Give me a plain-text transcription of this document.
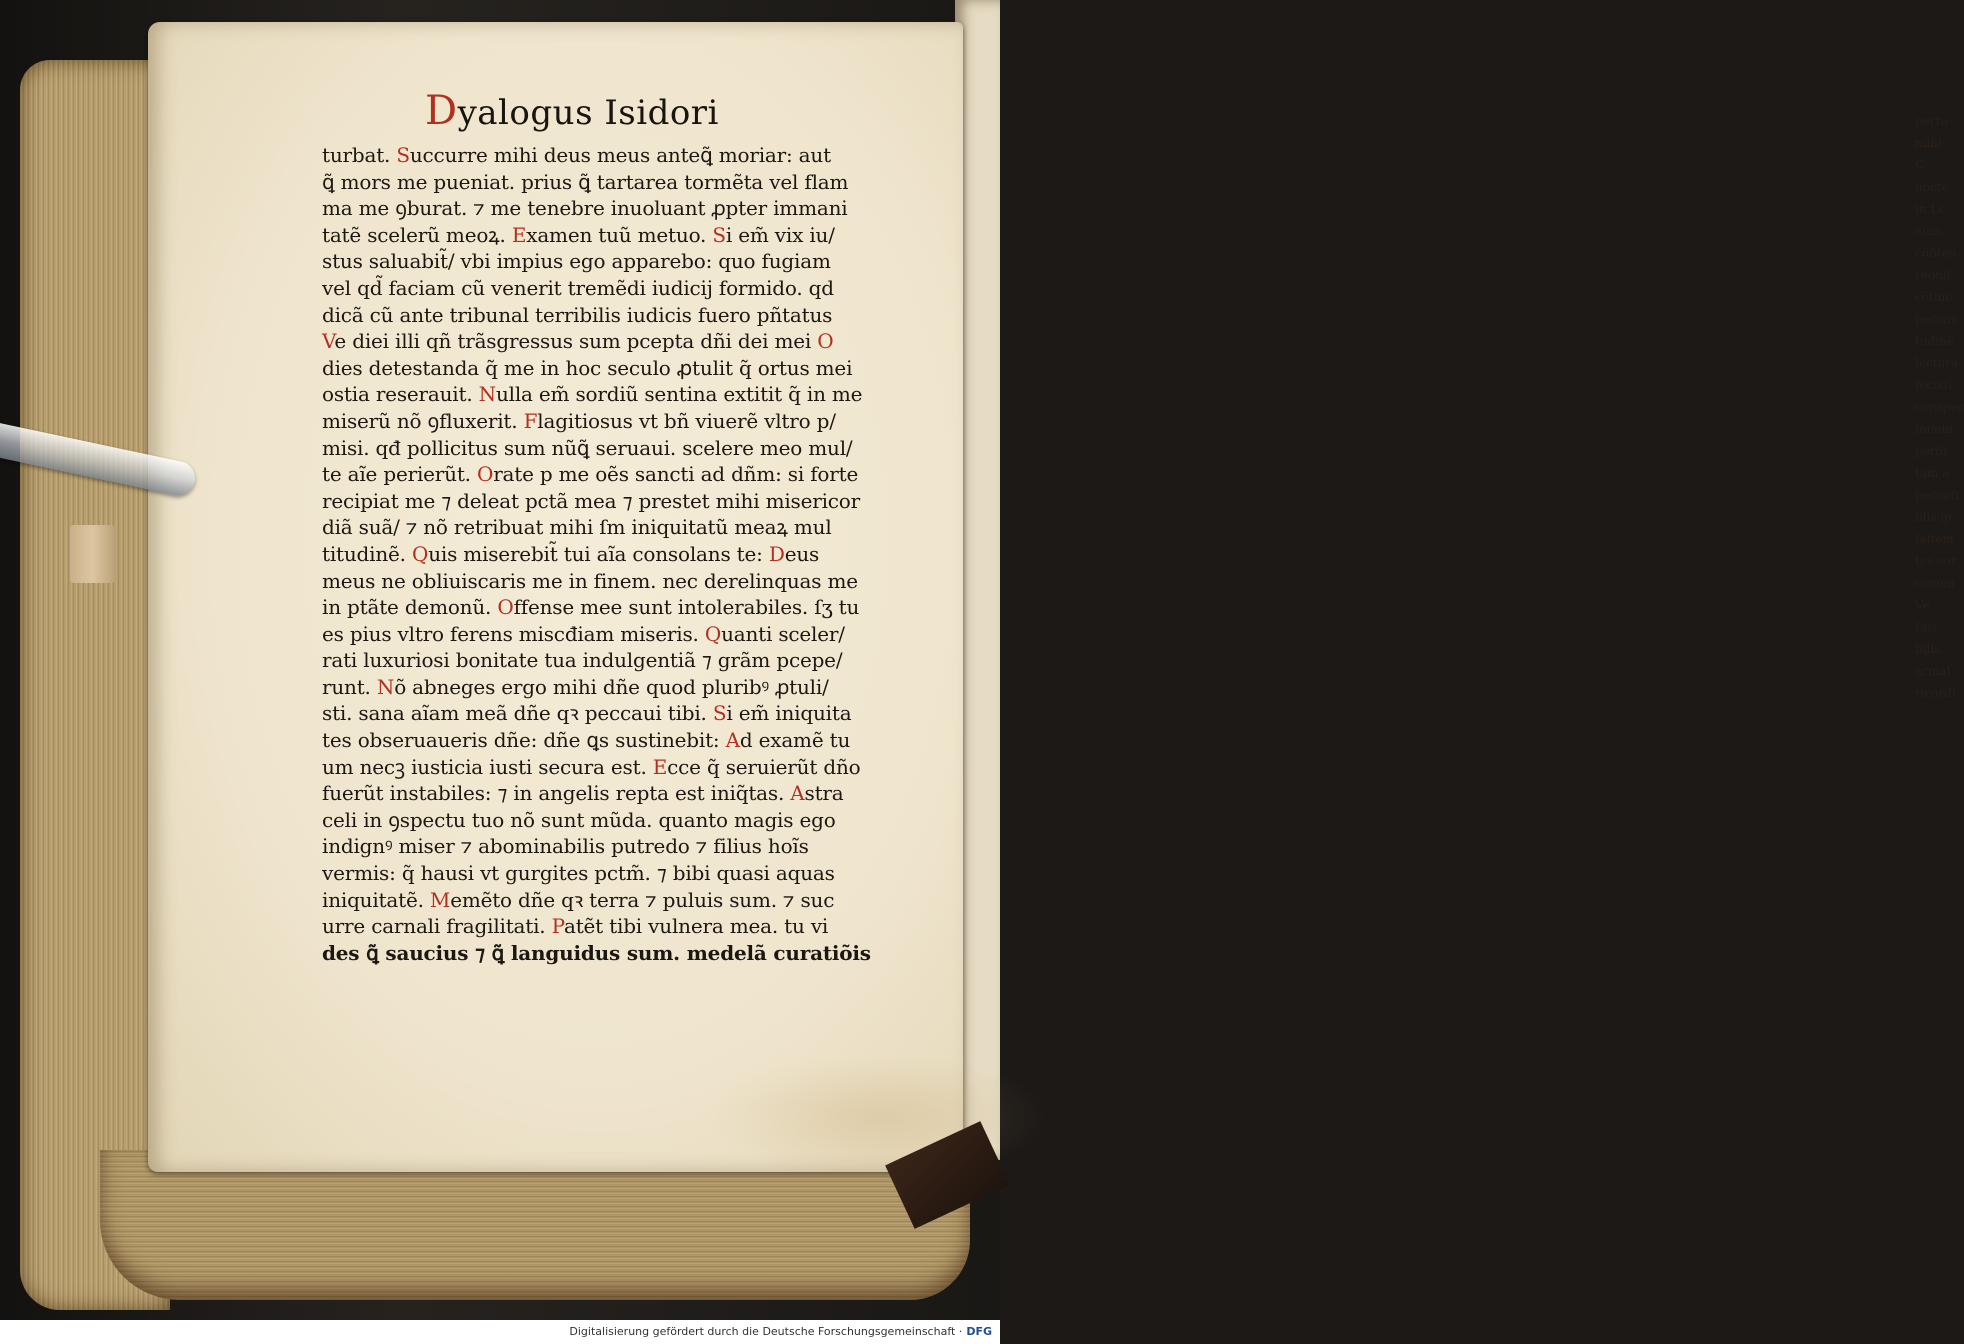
pertu
mihi
C
nocte
in Le
eius,
cõfiteo
reonli
cõtinc
peccav
tudinẽ
lectura
fecisti
conspec
inueni
perdi
tam a
peccati
blis ip
faltem
tes cor
comen
Ve
fuis
bilis.
armat
ricordi
Dyalogus Isidori
turbat. Succurre mihi deus meus anteꝗ̃ moriar: aut
ꝗ̃ mors me pueniat. prius ꝗ̃ tartarea tormẽta vel flam
ma me ꝯburat. ⁊ me tenebre inuoluant ꝓpter immani
tatẽ scelerũ meoꝝ. Examen tuũ metuo. Si em̃ vix iu/
stus saluabit̃/ vbi impius ego apparebo: quo fugiam
vel qd̃ faciam cũ venerit tremẽdi iudicij formido. qd
dicã cũ ante tribunal terribilis iudicis fuero pñtatus
Ve diei illi qñ trãsgressus sum pcepta dñi dei mei O
dies detestanda q̃ me in hoc seculo ꝓtulit q̃ ortus mei
ostia reserauit. Nulla em̃ sordiũ sentina extitit q̃ in me
miserũ nõ ꝯfluxerit. Flagitiosus vt bñ viuerẽ vltro p/
misi. qđ pollicitus sum nũꝗ̃ seruaui. scelere meo mul/
te aĩe perierũt. Orate p me oẽs sancti ad dñm: si forte
recipiat me ⁊ deleat pctã mea ⁊ prestet mihi misericor
diã suã/ ⁊ nõ retribuat mihi ſm iniquitatũ meaꝝ mul
titudinẽ. Quis miserebit̃ tui aĩa consolans te: Deus
meus ne obliuiscaris me in finem. nec derelinquas me
in ptãte demonũ. Offense mee sunt intolerabiles. ſʒ tu
es pius vltro ferens miscđiam miseris. Quanti sceler/
rati luxuriosi bonitate tua indulgentiã ⁊ grãm pcepe/
runt. Nõ abneges ergo mihi dñe quod pluribꝰ ꝓtuli/
sti. sana aĩam meã dñe qꝛ peccaui tibi. Si em̃ iniquita
tes obseruaueris dñe: dñe ꝗs sustinebit: Ad examẽ tu
um necꝫ iusticia iusti secura est. Ecce q̃ seruierũt dño
fuerũt instabiles: ⁊ in angelis repta est iniq̃tas. Astra
celi in ꝯspectu tuo nõ sunt mũda. quanto magis ego
indignꝰ miser ⁊ abominabilis putredo ⁊ filius hoĩs
vermis: q̃ hausi vt gurgites pctm̃. ⁊ bibi quasi aquas
iniquitatẽ. Memẽto dñe qꝛ terra ⁊ puluis sum. ⁊ suc
urre carnali fragilitati. Patẽt tibi vulnera mea. tu vi
des ꝗ̃ saucius ⁊ ꝗ̃ languidus sum. medelã curatiõis
Digitalisierung gefördert durch die Deutsche Forschungsgemeinschaft · DFG
